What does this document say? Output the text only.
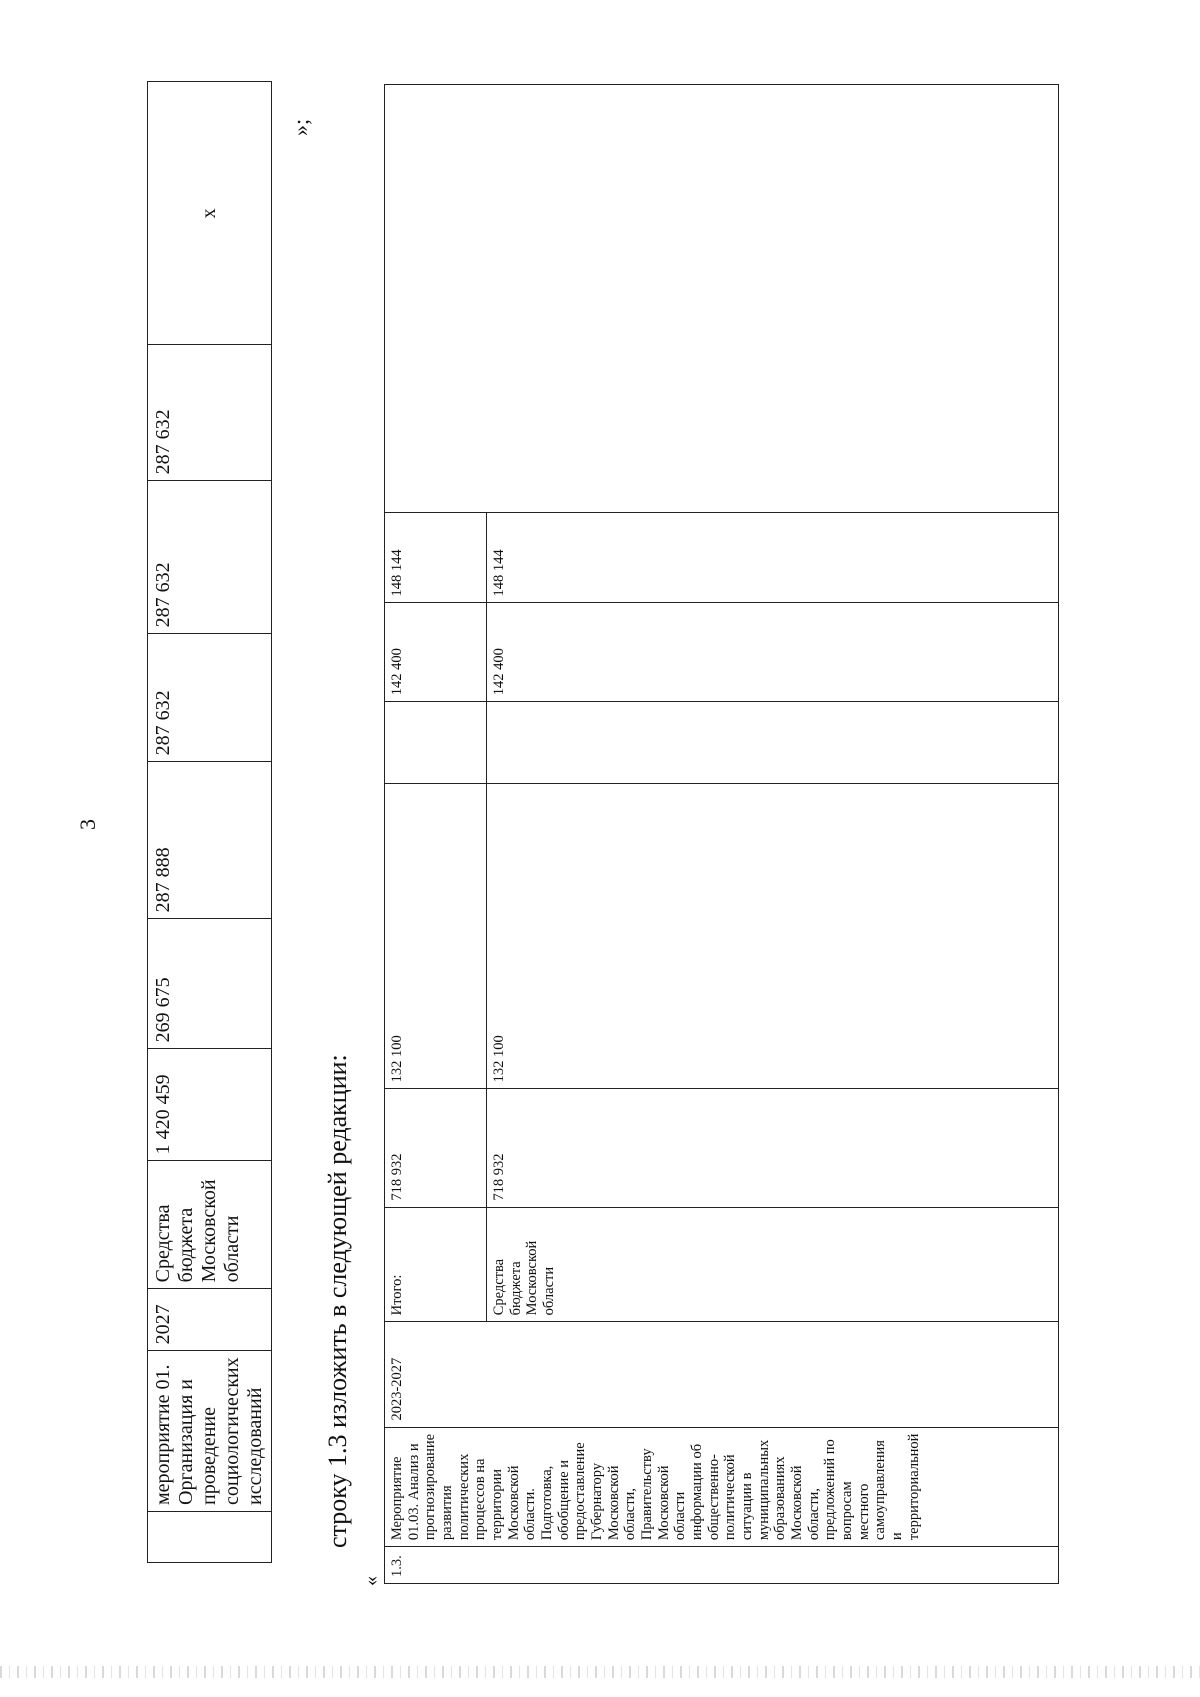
3
	мероприятие 01. Организация и проведение социологических исследований	2027	Средства бюджета Московской области	1 420 459	269 675	287 888	287 632	287 632	287 632	х
»;
строку 1.3 изложить в следующей редакции:
«
1.3.	Мероприятие 01.03. Анализ и прогнозирование развития политических процессов на территории Московской области. Подготовка, обобщение и предоставление Губернатору Московской области, Правительству Московской области информации об общественно-политической ситуации в муниципальных образованиях Московской области, предложений по вопросам местного самоуправления и территориальной	2023-2027	Итого:	718 932	132 100		142 400	148 144	
			Средства бюджета Московской области	718 932	132 100		142 400	148 144	
